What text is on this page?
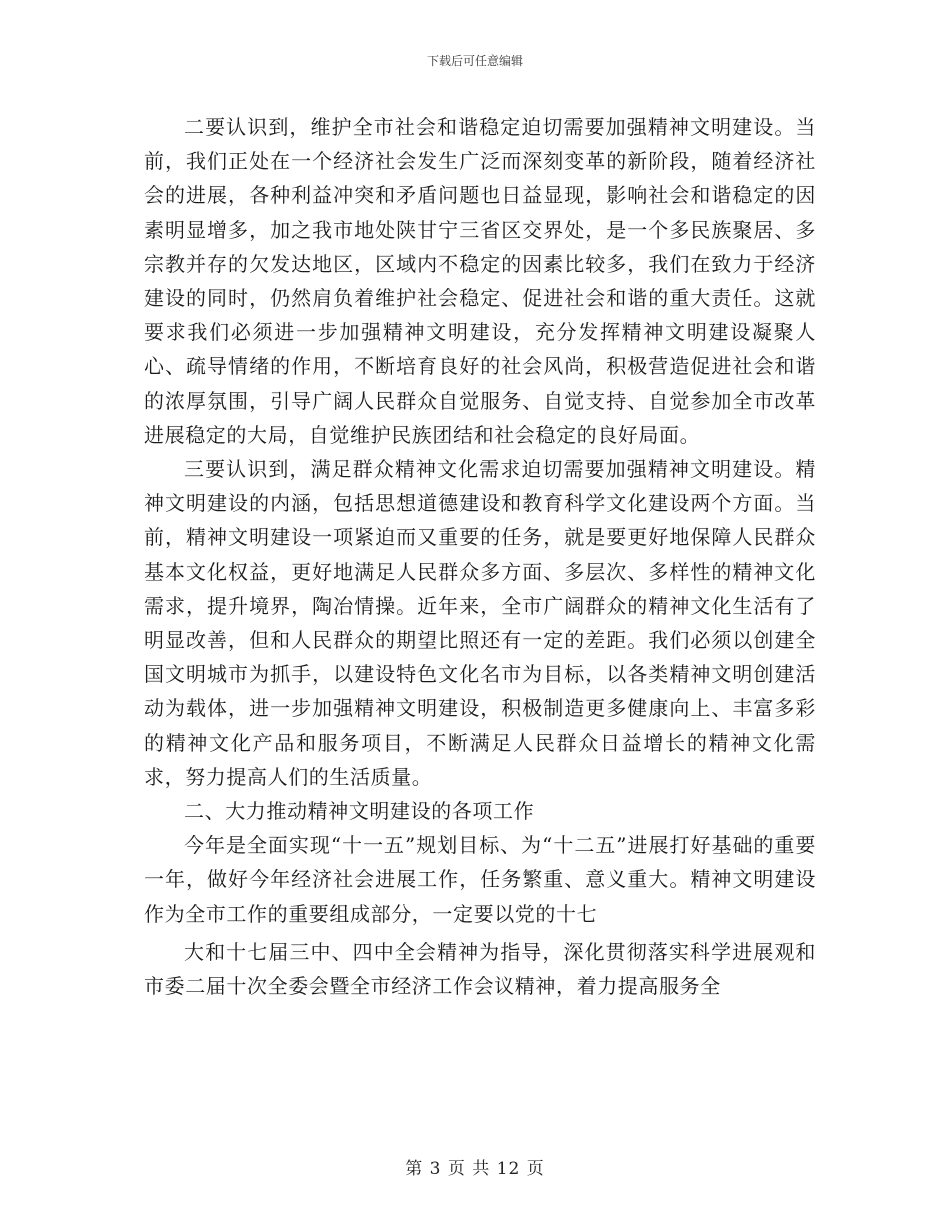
下载后可任意编辑

二要认识到，维护全市社会和谐稳定迫切需要加强精神文明建设。当前，我们正处在一个经济社会发生广泛而深刻变革的新阶段，随着经济社会的进展，各种利益冲突和矛盾问题也日益显现，影响社会和谐稳定的因素明显增多，加之我市地处陕甘宁三省区交界处，是一个多民族聚居、多宗教并存的欠发达地区，区域内不稳定的因素比较多，我们在致力于经济建设的同时，仍然肩负着维护社会稳定、促进社会和谐的重大责任。这就要求我们必须进一步加强精神文明建设，充分发挥精神文明建设凝聚人心、疏导情绪的作用，不断培育良好的社会风尚，积极营造促进社会和谐的浓厚氛围，引导广阔人民群众自觉服务、自觉支持、自觉参加全市改革进展稳定的大局，自觉维护民族团结和社会稳定的良好局面。

三要认识到，满足群众精神文化需求迫切需要加强精神文明建设。精神文明建设的内涵，包括思想道德建设和教育科学文化建设两个方面。当前，精神文明建设一项紧迫而又重要的任务，就是要更好地保障人民群众基本文化权益，更好地满足人民群众多方面、多层次、多样性的精神文化需求，提升境界，陶冶情操。近年来，全市广阔群众的精神文化生活有了明显改善，但和人民群众的期望比照还有一定的差距。我们必须以创建全国文明城市为抓手，以建设特色文化名市为目标，以各类精神文明创建活动为载体，进一步加强精神文明建设，积极制造更多健康向上、丰富多彩的精神文化产品和服务项目，不断满足人民群众日益增长的精神文化需求，努力提高人们的生活质量。

二、大力推动精神文明建设的各项工作

今年是全面实现“十一五”规划目标、为“十二五”进展打好基础的重要一年，做好今年经济社会进展工作，任务繁重、意义重大。精神文明建设作为全市工作的重要组成部分，一定要以党的十七

大和十七届三中、四中全会精神为指导，深化贯彻落实科学进展观和市委二届十次全委会暨全市经济工作会议精神，着力提高服务全

第 3 页 共 12 页
